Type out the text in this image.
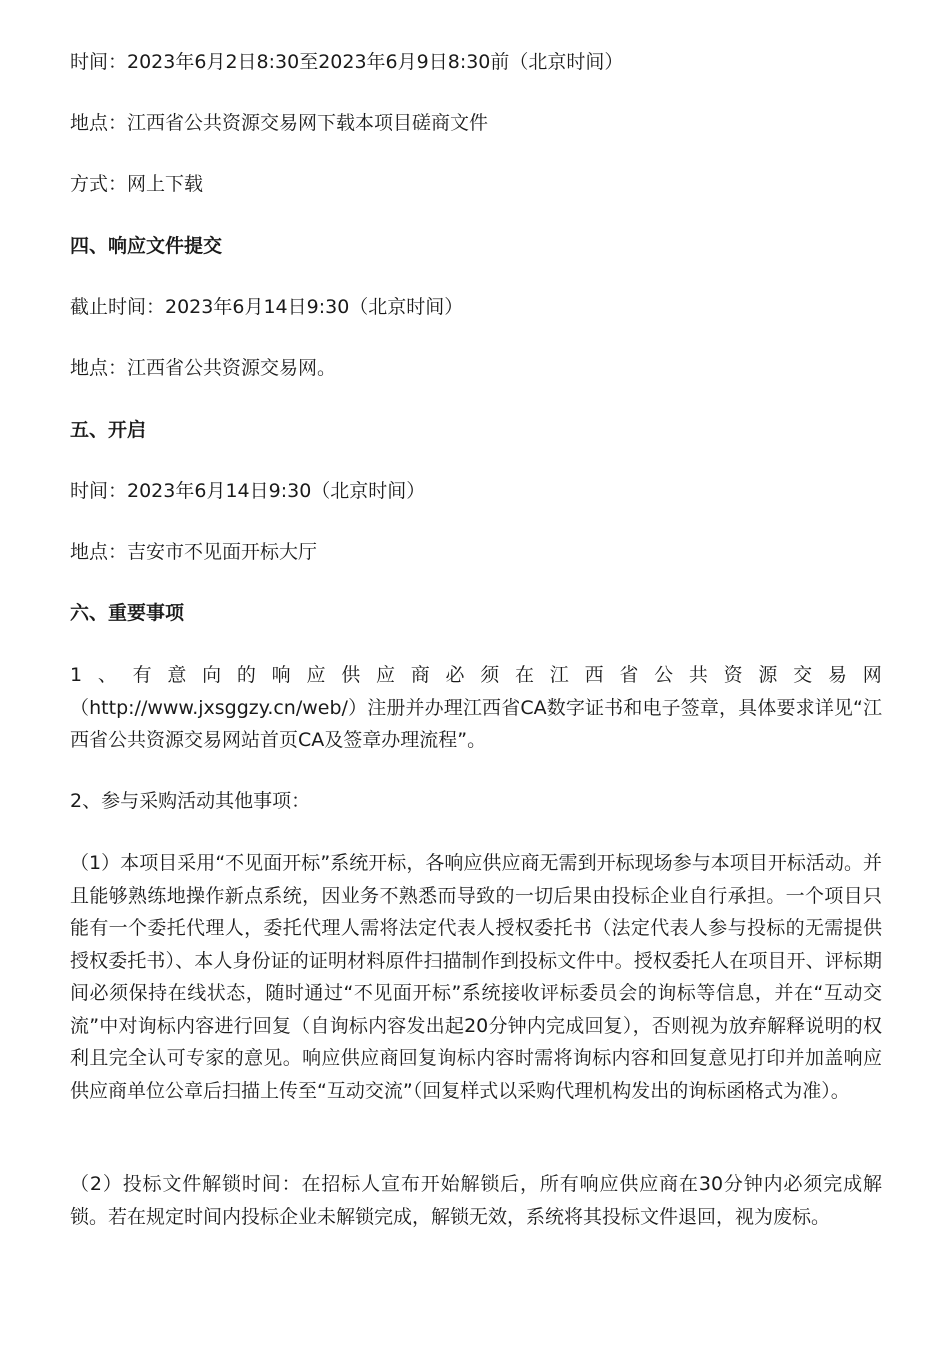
时间：2023年6月2日8:30至2023年6月9日8:30前（北京时间）
地点：江西省公共资源交易网下载本项目磋商文件
方式：网上下载
四、响应文件提交
截止时间：2023年6月14日9:30（北京时间）
地点：江西省公共资源交易网。
五、开启
时间：2023年6月14日9:30（北京时间）
地点：吉安市不见面开标大厅
六、重要事项
1 、 有 意 向 的 响 应 供 应 商 必 须 在 江 西 省 公 共 资 源 交 易 网
（http://www.jxsggzy.cn/web/）注册并办理江西省CA数字证书和电子签章，具体要求详见“江西省公共资源交易网站首页CA及签章办理流程”。
2、参与采购活动其他事项：
（1）本项目采用“不见面开标”系统开标，各响应供应商无需到开标现场参与本项目开标活动。并且能够熟练地操作新点系统，因业务不熟悉而导致的一切后果由投标企业自行承担。一个项目只能有一个委托代理人，委托代理人需将法定代表人授权委托书（法定代表人参与投标的无需提供授权委托书）、本人身份证的证明材料原件扫描制作到投标文件中。授权委托人在项目开、评标期间必须保持在线状态，随时通过“不见面开标”系统接收评标委员会的询标等信息，并在“互动交流”中对询标内容进行回复（自询标内容发出起20分钟内完成回复），否则视为放弃解释说明的权利且完全认可专家的意见。响应供应商回复询标内容时需将询标内容和回复意见打印并加盖响应供应商单位公章后扫描上传至“互动交流”（回复样式以采购代理机构发出的询标函格式为准）。
（2）投标文件解锁时间：在招标人宣布开始解锁后，所有响应供应商在30分钟内必须完成解锁。若在规定时间内投标企业未解锁完成，解锁无效，系统将其投标文件退回，视为废标。
